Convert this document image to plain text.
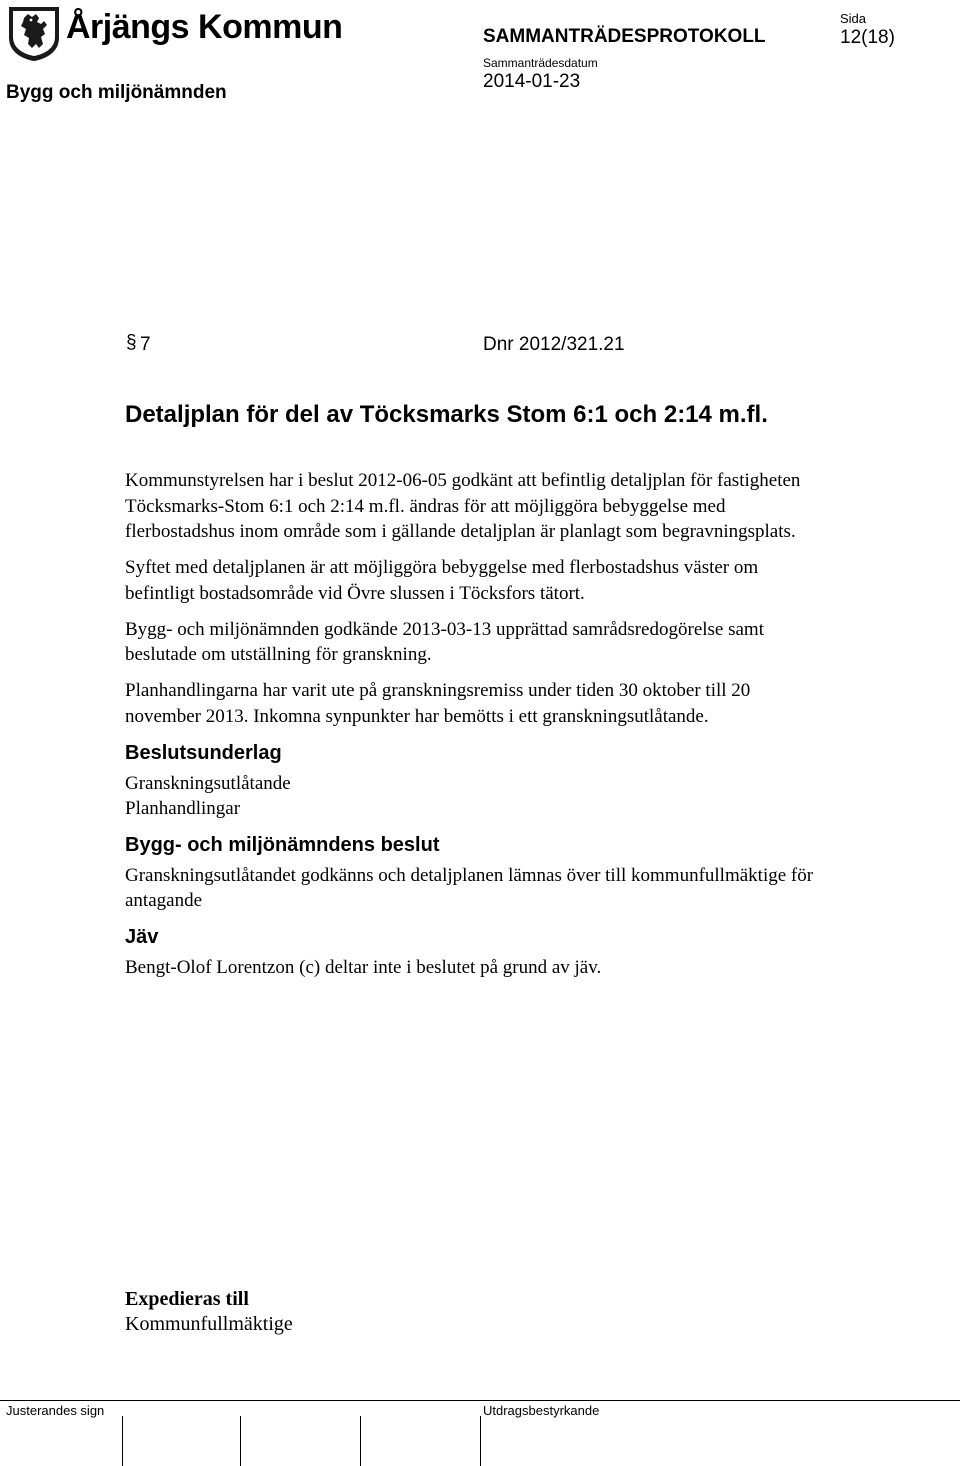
Årjängs Kommun
Bygg och miljönämnden
SAMMANTRÄDESPROTOKOLL
Sammanträdesdatum
2014-01-23
Sida
12(18)
§ 7	Dnr 2012/321.21
Detaljplan för del av Töcksmarks Stom 6:1 och 2:14 m.fl.

Kommunstyrelsen har i beslut 2012-06-05 godkänt att befintlig detaljplan för fastigheten Töcksmarks-Stom 6:1 och 2:14 m.fl. ändras för att möjliggöra bebyggelse med flerbostadshus inom område som i gällande detaljplan är planlagt som begravningsplats.

Syftet med detaljplanen är att möjliggöra bebyggelse med flerbostadshus väster om befintligt bostadsområde vid Övre slussen i Töcksfors tätort.

Bygg- och miljönämnden godkände 2013-03-13 upprättad samrådsredogörelse samt beslutade om utställning för granskning.

Planhandlingarna har varit ute på granskningsremiss under tiden 30 oktober till 20 november 2013. Inkomna synpunkter har bemötts i ett granskningsutlåtande.

Beslutsunderlag
Granskningsutlåtande
Planhandlingar
Bygg- och miljönämndens beslut

Granskningsutlåtandet godkänns och detaljplanen lämnas över till kommunfullmäktige för antagande

Jäv

Bengt-Olof Lorentzon (c) deltar inte i beslutet på grund av jäv.

Expedieras till
Kommunfullmäktige
Justerandes sign	Utdragsbestyrkande
